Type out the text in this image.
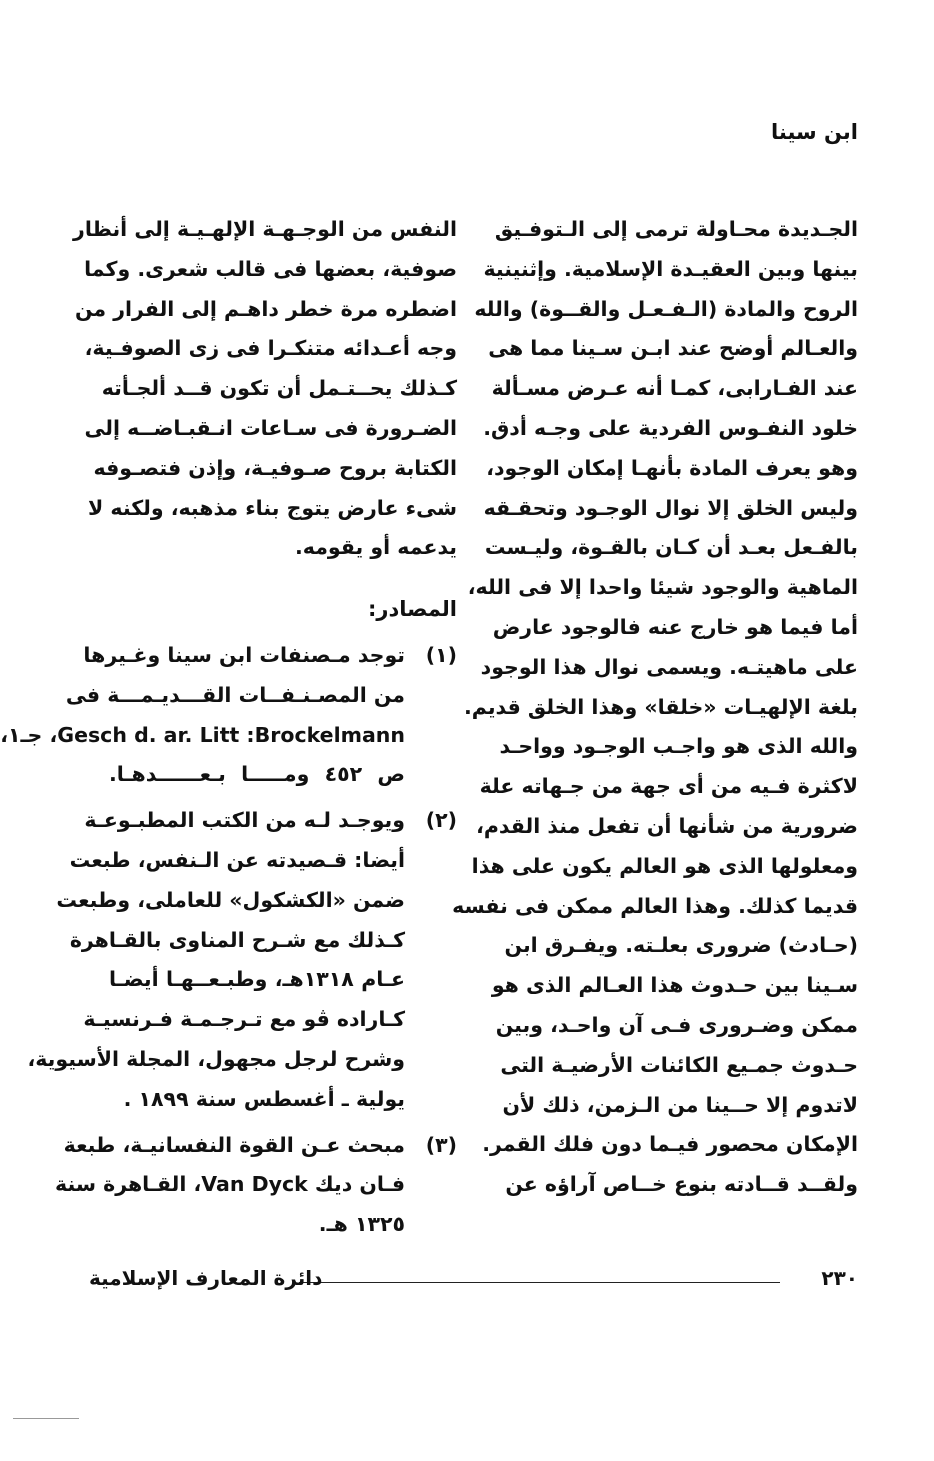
ابن سينا

الجـديدة محـاولة ترمى إلى الـتوفـيق
بينها وبين العقيـدة الإسلامية. وإثنينية
الروح والمادة (الـفـعـل والقــوة) والله
والعـالم أوضح عند ابـن سـينا مما هى
عند الفـارابى، كمـا أنه عـرض مسـألة
خلود النفـوس الفردية على وجـه أدق.
وهو يعرف المادة بأنهـا إمكان الوجود،
وليس الخلق إلا نوال الوجـود وتحقـقه
بالفـعل بعـد أن كـان بالقـوة، وليـست
الماهية والوجود شيئا واحدا إلا فى الله،
أما فيما هو خارج عنه فالوجود عارض
على ماهيتـه. ويسمى نوال هذا الوجود
بلغة الإلهيـات «خلقا» وهذا الخلق قديم.
والله الذى هو واجـب الوجـود وواحـد
لاكثرة فـيه من أى جهة من جـهاته علة
ضرورية من شأنها أن تفعل منذ القدم،
ومعلولها الذى هو العالم يكون على هذا
قديما كذلك. وهذا العالم ممكن فى نفسه
(حـادث) ضرورى بعلـته. ويفـرق ابن
سـينا بين حـدوث هذا العـالم الذى هو
ممكن وضـرورى فـى آن واحـد، وبين
حـدوث جمـيع الكائنات الأرضيـة التى
لاتدوم إلا حــينا من الـزمن، ذلك لأن
الإمكان محصور فيـما دون فلك القمر.
ولقــد قــادته بنوع خــاص آراؤه عن
النفس من الوجـهـة الإلهـيـة إلى أنظار
صوفية، بعضها فى قالب شعرى. وكما
اضطره مرة خطر داهـم إلى الفرار من
وجه أعـدائه متنكـرا فى زى الصوفـية،
كـذلك يحــتـمل أن تكون قــد ألجـأته
الضـرورة فى سـاعات انـقبـاضــه إلى
الكتابة بروح صـوفيـة، وإذن فتصـوفه
شىء عارض يتوج بناء مذهبه، ولكنه لا
يدعمه أو يقومه.
المصادر:
(١)
توجد مـصنفات ابن سينا وغـيرها
من المصـنـفــات القـــديـمـــة فى
Gesch d. ar. Litt :Brockelmann، جـ١،
ص ٤٥٢ ومـــــا بـعــــــدهـا.
(٢)
ويوجـد لـه من الكتب المطبـوعـة
أيضا: قـصيدته عن الـنفس، طبعت
ضمن «الكشكول» للعاملى، وطبعت
كـذلك مع شـرح المناوى بالقـاهرة
عـام ١٣١٨هـ، وطبـعــهـا أيضـا
كـاراده ڤو مع تـرجـمـة فـرنسيـة
وشرح لرجل مجهول، المجلة الأسيوية،
يولية ـ أغسطس سنة ١٨٩٩ .
(٣)
مبحث عـن القوة النفسانيـة، طبعة
فـان ديك Van Dyck، القـاهرة سنة
١٣٢٥ هـ.
٢٣٠
دائرة المعارف الإسلامية
